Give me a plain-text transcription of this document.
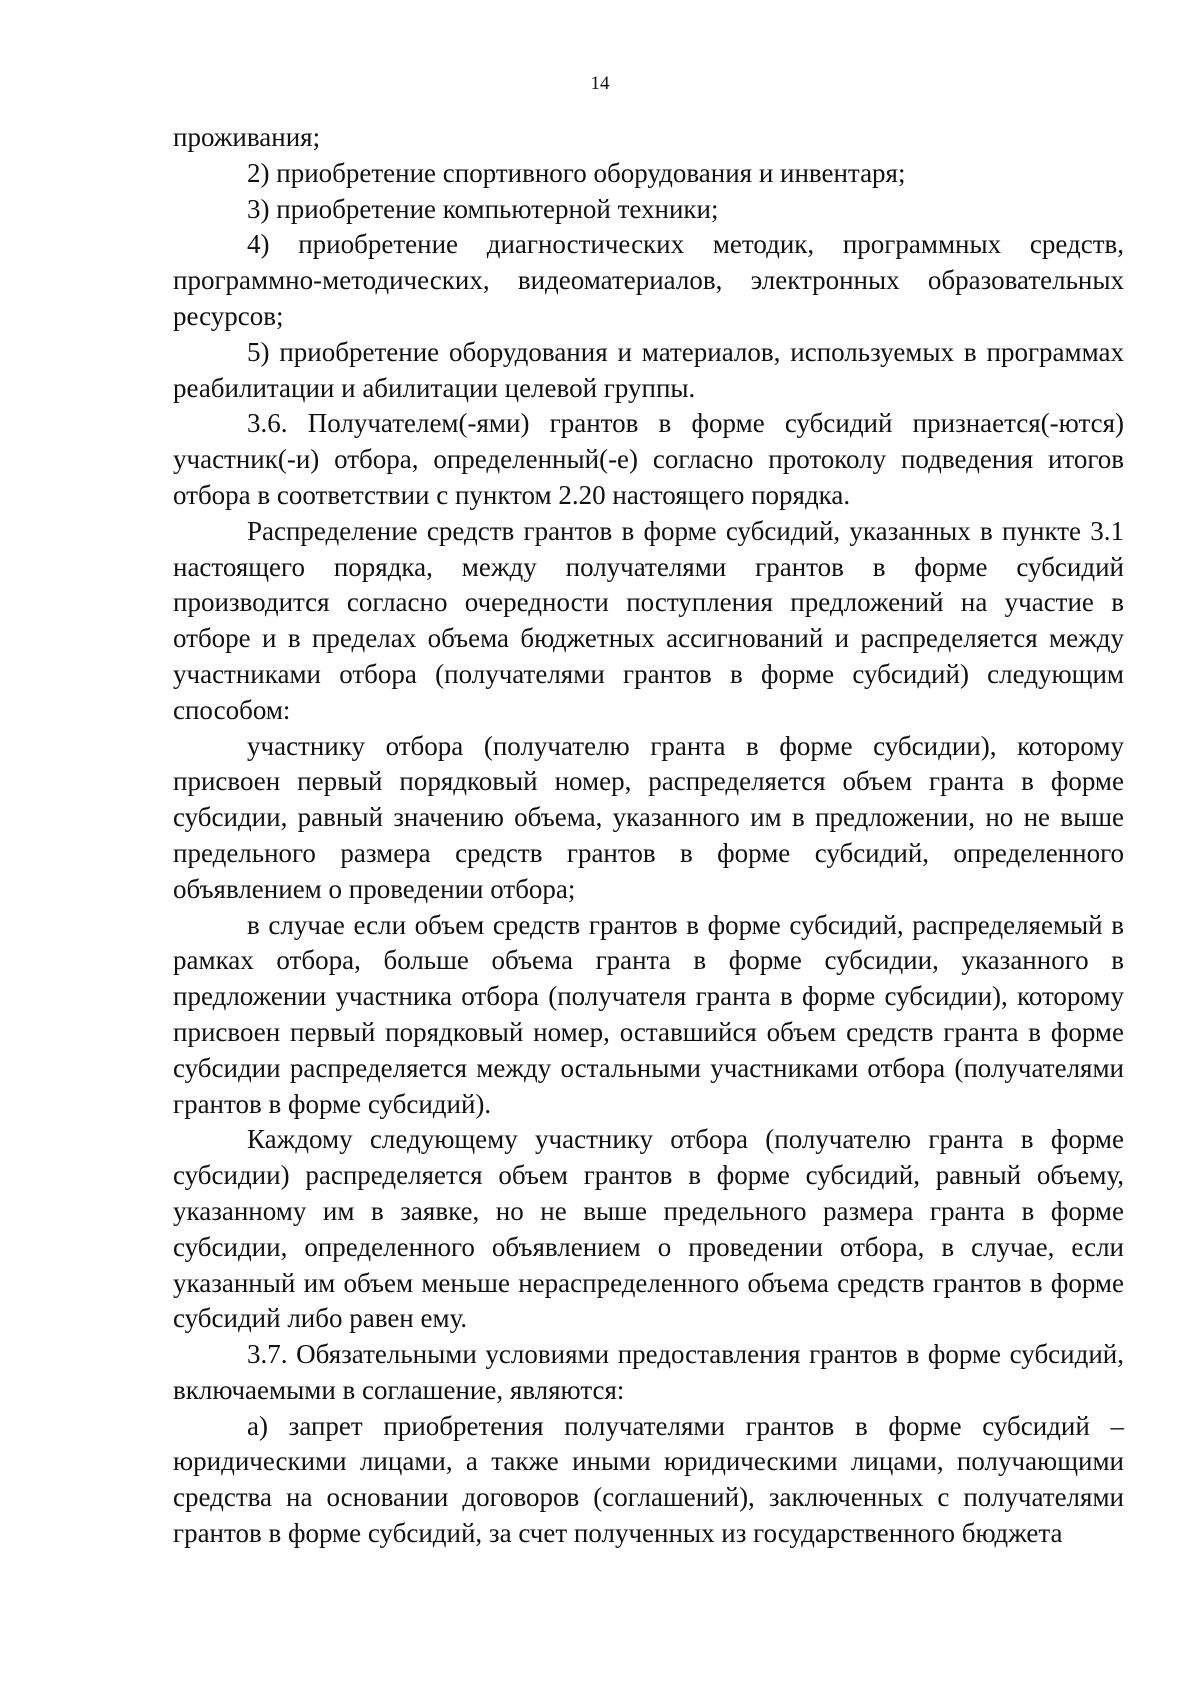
14

проживания;

2) приобретение спортивного оборудования и инвентаря;

3) приобретение компьютерной техники;

4) приобретение диагностических методик, программных средств, программно-методических, видеоматериалов, электронных образовательных ресурсов;

5) приобретение оборудования и материалов, используемых в программах реабилитации и абилитации целевой группы.

3.6. Получателем(-ями) грантов в форме субсидий признается(-ются) участник(-и) отбора, определенный(-е) согласно протоколу подведения итогов отбора в соответствии с пунктом 2.20 настоящего порядка.

Распределение средств грантов в форме субсидий, указанных в пункте 3.1 настоящего порядка, между получателями грантов в форме субсидий производится согласно очередности поступления предложений на участие в отборе и в пределах объема бюджетных ассигнований и распределяется между участниками отбора (получателями грантов в форме субсидий) следующим способом:

участнику отбора (получателю гранта в форме субсидии), которому присвоен первый порядковый номер, распределяется объем гранта в форме субсидии, равный значению объема, указанного им в предложении, но не выше предельного размера средств грантов в форме субсидий, определенного объявлением о проведении отбора;

в случае если объем средств грантов в форме субсидий, распределяемый в рамках отбора, больше объема гранта в форме субсидии, указанного в предложении участника отбора (получателя гранта в форме субсидии), которому присвоен первый порядковый номер, оставшийся объем средств гранта в форме субсидии распределяется между остальными участниками отбора (получателями грантов в форме субсидий).

Каждому следующему участнику отбора (получателю гранта в форме субсидии) распределяется объем грантов в форме субсидий, равный объему, указанному им в заявке, но не выше предельного размера гранта в форме субсидии, определенного объявлением о проведении отбора, в случае, если указанный им объем меньше нераспределенного объема средств грантов в форме субсидий либо равен ему.

3.7. Обязательными условиями предоставления грантов в форме субсидий, включаемыми в соглашение, являются:

а) запрет приобретения получателями грантов в форме субсидий – юридическими лицами, а также иными юридическими лицами, получающими средства на основании договоров (соглашений), заключенных с получателями грантов в форме субсидий, за счет полученных из государственного бюджета
